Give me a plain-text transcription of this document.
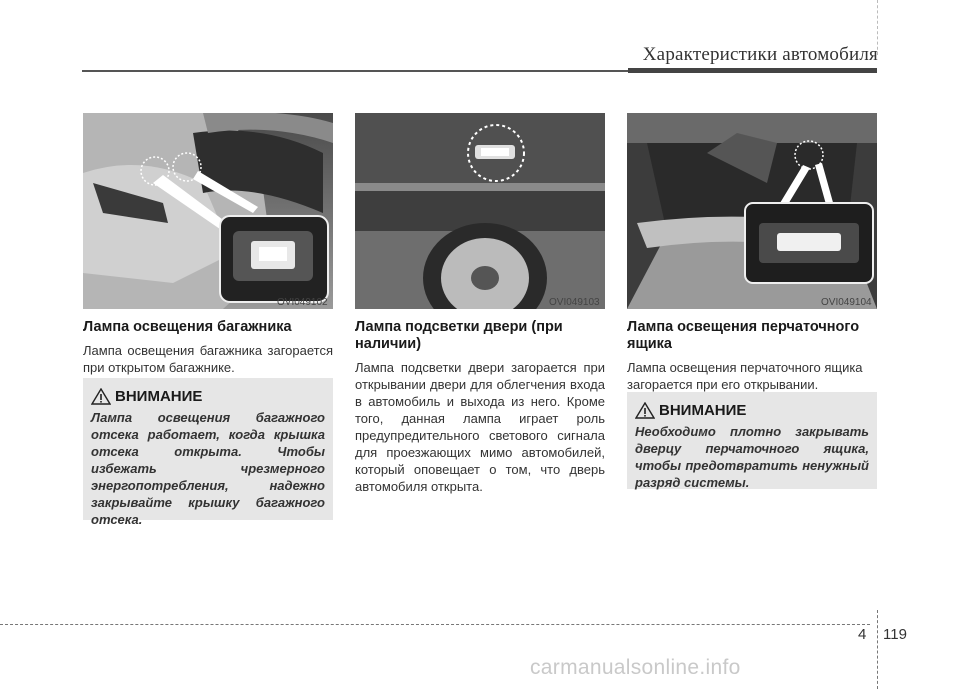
Характеристики автомобиля
OVI049102	OVI049103	OVI049104
Лампа освещения багажника

Лампа освещения багажника загорается при открытом багажнике.

ВНИМАНИЕ

Лампа освещения багажного отсека работает, когда крышка отсека открыта. Чтобы избежать чрезмерного энергопотребления, надежно закрывайте крышку багажного отсека.

Лампа подсветки двери (при наличии)

Лампа подсветки двери загорается при открывании двери для облегчения входа в автомобиль и выхода из него. Кроме того, данная лампа играет роль предупредительного светового сигнала для проезжающих мимо автомобилей, который оповещает о том, что дверь автомобиля открыта.

Лампа освещения перчаточного ящика

Лампа освещения перчаточного ящика загорается при его открывании.

ВНИМАНИЕ

Необходимо плотно закрывать дверцу перчаточного ящика, чтобы предотвратить ненужный разряд системы.

4 119
carmanualsonline.info
